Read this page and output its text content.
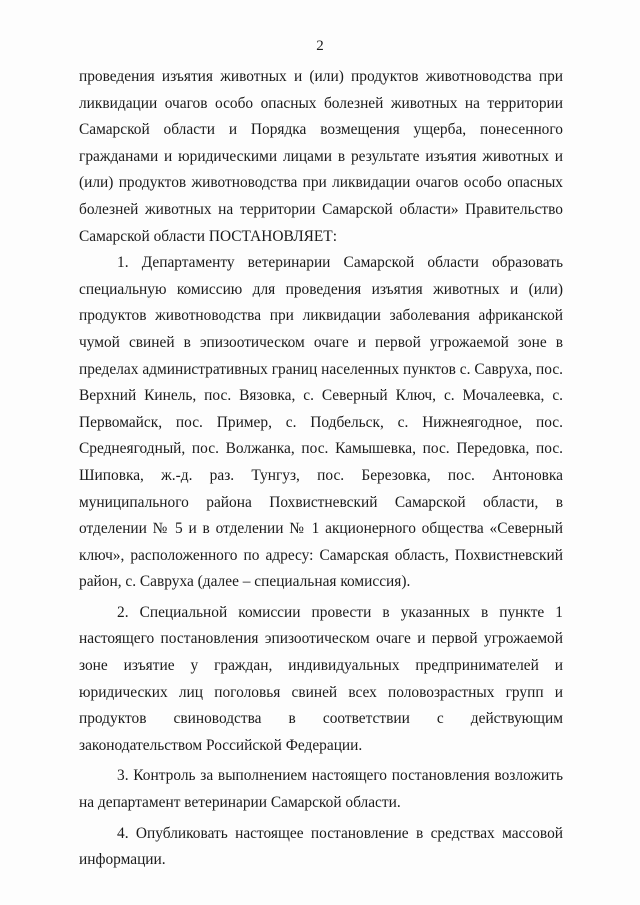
2

проведения изъятия животных и (или) продуктов животноводства при ликвидации очагов особо опасных болезней животных на территории Самарской области и Порядка возмещения ущерба, понесенного гражданами и юридическими лицами в результате изъятия животных и (или) продуктов животноводства при ликвидации очагов особо опасных болезней животных на территории Самарской области» Правительство Самарской области ПОСТАНОВЛЯЕТ:

1. Департаменту ветеринарии Самарской области образовать специальную комиссию для проведения изъятия животных и (или) продуктов животноводства при ликвидации заболевания африканской чумой свиней в эпизоотическом очаге и первой угрожаемой зоне в пределах административных границ населенных пунктов с. Савруха, пос. Верхний Кинель, пос. Вязовка, с. Северный Ключ, с. Мочалеевка, с. Первомайск, пос. Пример, с. Подбельск, с. Нижнеягодное, пос. Среднеягодный, пос. Волжанка, пос. Камышевка, пос. Передовка, пос. Шиповка, ж.-д. раз. Тунгуз, пос. Березовка, пос. Антоновка муниципального района Похвистневский Самарской области, в отделении № 5 и в отделении № 1 акционерного общества «Северный ключ», расположенного по адресу: Самарская область, Похвистневский район, с. Савруха (далее – специальная комиссия).

2. Специальной комиссии провести в указанных в пункте 1 настоящего постановления эпизоотическом очаге и первой угрожаемой зоне изъятие у граждан, индивидуальных предпринимателей и юридических лиц поголовья свиней всех половозрастных групп и продуктов свиноводства в соответствии с действующим законодательством Российской Федерации.

3. Контроль за выполнением настоящего постановления возложить на департамент ветеринарии Самарской области.

4. Опубликовать настоящее постановление в средствах массовой информации.
